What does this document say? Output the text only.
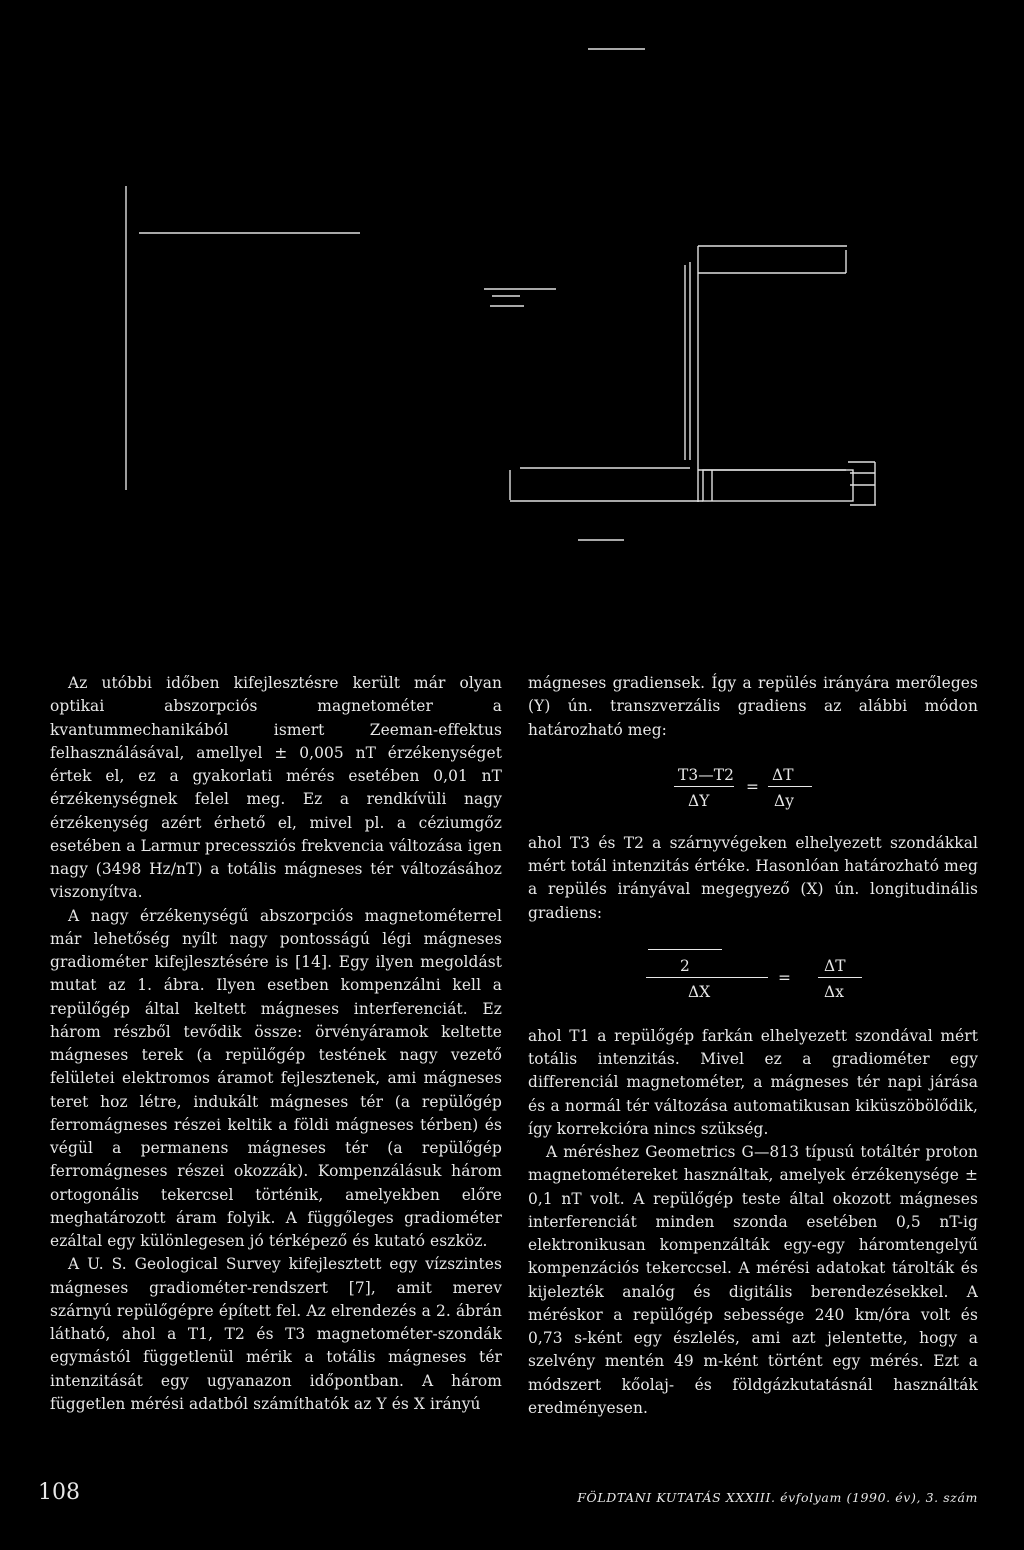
Az utóbbi időben kifejlesztésre került már olyan optikai abszorpciós magnetométer a kvantummechanikából ismert Zeeman-effektus felhasználásával, amellyel ± 0,005 nT érzékenységet értek el, ez a gyakorlati mérés esetében 0,01 nT érzékenységnek felel meg. Ez a rendkívüli nagy érzékenység azért érhető el, mivel pl. a céziumgőz esetében a Larmur precessziós frekvencia változása igen nagy (3498 Hz/nT) a totális mágneses tér változásához viszonyítva.

A nagy érzékenységű abszorpciós magnetométerrel már lehetőség nyílt nagy pontosságú légi mágneses gradiométer kifejlesztésére is [14]. Egy ilyen megoldást mutat az 1. ábra. Ilyen esetben kompenzálni kell a repülőgép által keltett mágneses interferenciát. Ez három részből tevődik össze: örvényáramok keltette mágneses terek (a repülőgép testének nagy vezető felületei elektromos áramot fejlesztenek, ami mágneses teret hoz létre, indukált mágneses tér (a repülőgép ferromágneses részei keltik a földi mágneses térben) és végül a permanens mágneses tér (a repülőgép ferromágneses részei okozzák). Kompenzálásuk három ortogonális tekercsel történik, amelyekben előre meghatározott áram folyik. A függőleges gradiométer ezáltal egy különlegesen jó térképező és kutató eszköz.

A U. S. Geological Survey kifejlesztett egy vízszintes mágneses gradiométer-rendszert [7], amit merev szárnyú repülőgépre épített fel. Az elrendezés a 2. ábrán látható, ahol a T1, T2 és T3 magnetométer-szondák egymástól függetlenül mérik a totális mágneses tér intenzitását egy ugyanazon időpontban. A három független mérési adatból számíthatók az Y és X irányú

mágneses gradiensek. Így a repülés irányára merőleges (Y) ún. transzverzális gradiens az alábbi módon határozható meg:

T3—T2
ΔY
=
ΔT
Δy

ahol T3 és T2 a szárnyvégeken elhelyezett szondákkal mért totál intenzitás értéke. Hasonlóan határozható meg a repülés irányával megegyező (X) ún. longitudinális gradiens:

2
ΔX
=
ΔT
Δx

ahol T1 a repülőgép farkán elhelyezett szondával mért totális intenzitás. Mivel ez a gradiométer egy differenciál magnetométer, a mágneses tér napi járása és a normál tér változása automatikusan kiküszöbölődik, így korrekcióra nincs szükség.

A méréshez Geometrics G—813 típusú totáltér proton magnetométereket használtak, amelyek érzékenysége ± 0,1 nT volt. A repülőgép teste által okozott mágneses interferenciát minden szonda esetében 0,5 nT-ig elektronikusan kompenzálták egy-egy háromtengelyű kompenzációs tekerccsel. A mérési adatokat tárolták és kijelezték analóg és digitális berendezésekkel. A méréskor a repülőgép sebessége 240 km/óra volt és 0,73 s-ként egy észlelés, ami azt jelentette, hogy a szelvény mentén 49 m-ként történt egy mérés. Ezt a módszert kőolaj- és földgázkutatásnál használták eredményesen.

108	FÖLDTANI KUTATÁS XXXIII. évfolyam (1990. év), 3. szám
